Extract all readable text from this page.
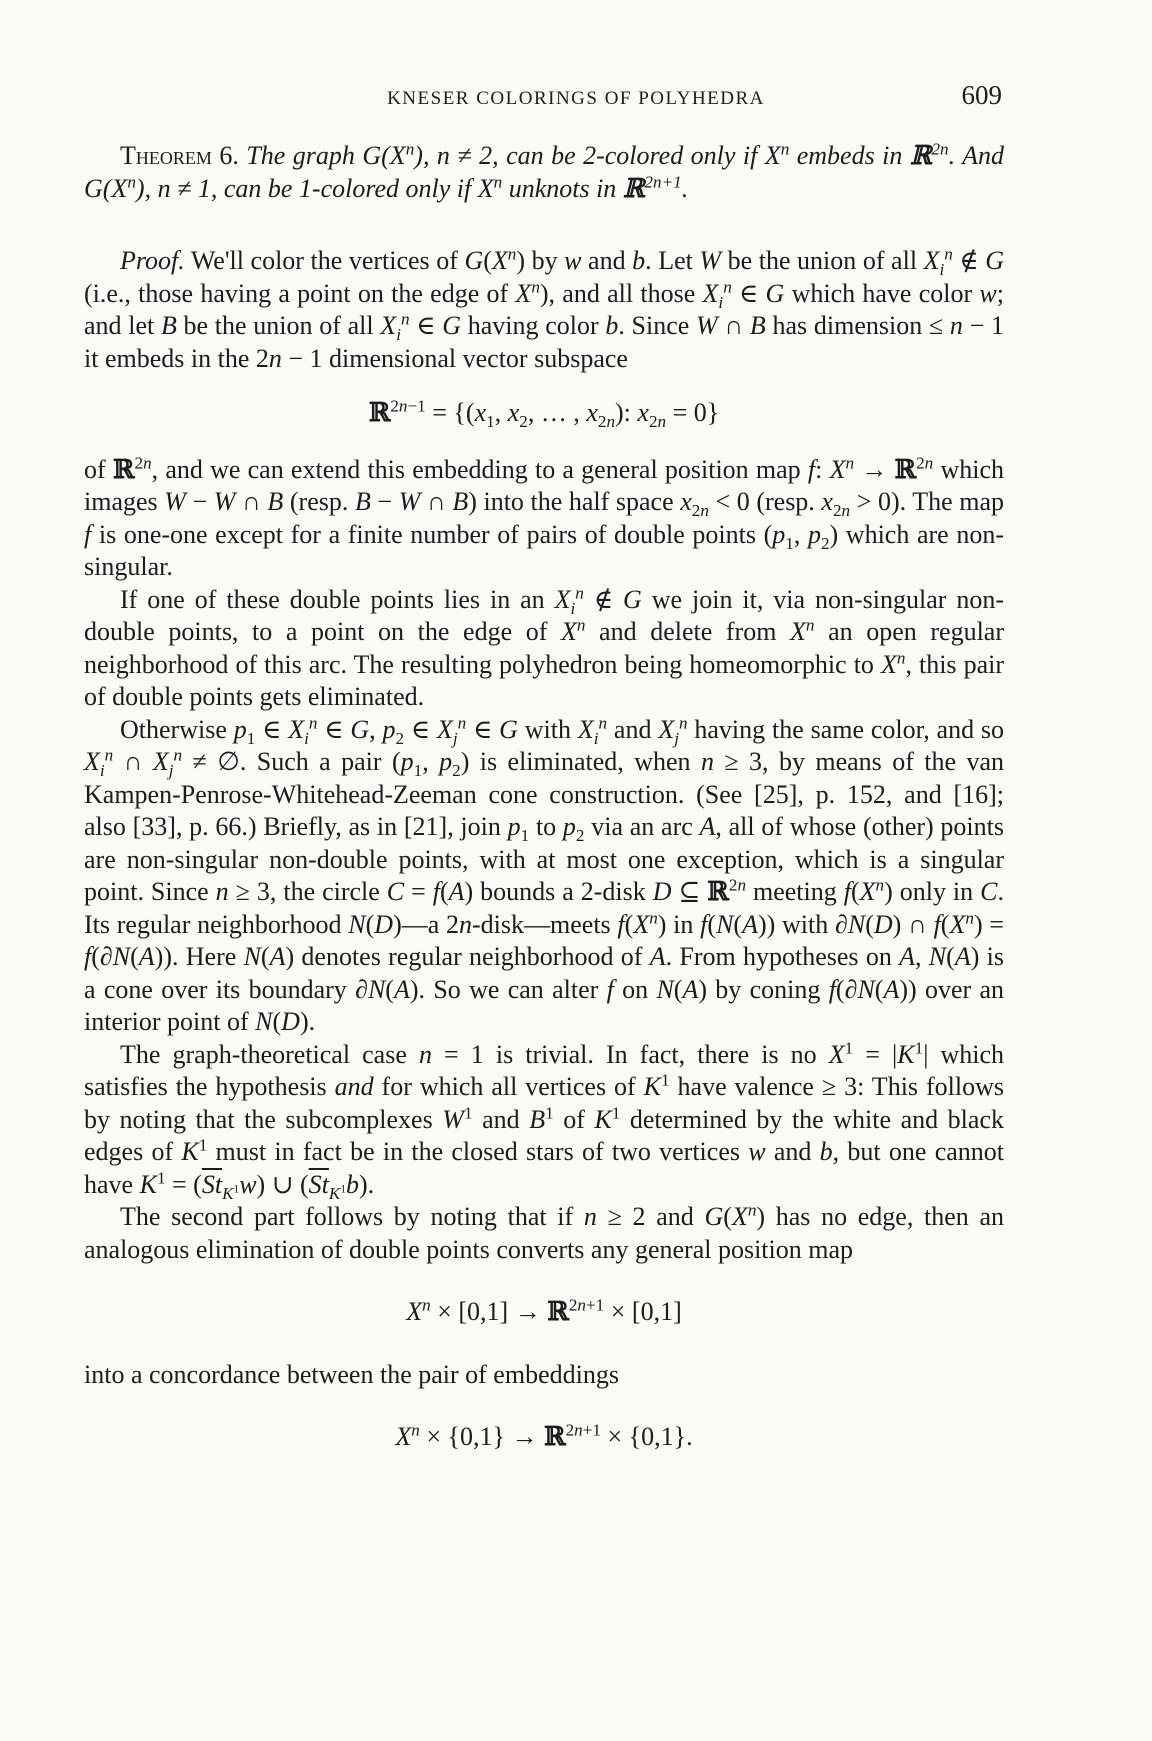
KNESER COLORINGS OF POLYHEDRA	609

Theorem 6. The graph $G(X^n)$, n ≠ 2, can be 2-colored only if $X^n$ embeds in ℝ$^{2n}$. And $G(X^n)$, n ≠ 1, can be 1-colored only if $X^n$ unknots in ℝ$^{2n+1}$.

Proof. We'll color the vertices of $G(X^n)$ by w and b. Let W be the union of all $X_i^n$ ∉ G (i.e., those having a point on the edge of $X^n$), and all those $X_i^n$ ∈ G which have color w; and let B be the union of all $X_i^n$ ∈ G having color b. Since W ∩ B has dimension ≤ n − 1 it embeds in the 2n − 1 dimensional vector subspace

ℝ$^{2n-1}$ = {($x_1$, $x_2$, … , $x_{2n}$): $x_{2n} = 0$}

of ℝ$^{2n}$, and we can extend this embedding to a general position map f: $X^n$ → ℝ$^{2n}$ which images W − W ∩ B (resp. B − W ∩ B) into the half space $x_{2n} < 0$ (resp. $x_{2n} > 0$). The map f is one-one except for a finite number of pairs of double points ($p_1$, $p_2$) which are non-singular.

If one of these double points lies in an $X_i^n$ ∉ G we join it, via non-singular non-double points, to a point on the edge of $X^n$ and delete from $X^n$ an open regular neighborhood of this arc. The resulting polyhedron being homeomorphic to $X^n$, this pair of double points gets eliminated.

Otherwise $p_1$ ∈ $X_i^n$ ∈ G, $p_2$ ∈ $X_j^n$ ∈ G with $X_i^n$ and $X_j^n$ having the same color, and so $X_i^n$ ∩ $X_j^n$ ≠ ∅. Such a pair ($p_1$, $p_2$) is eliminated, when n ≥ 3, by means of the van Kampen-Penrose-Whitehead-Zeeman cone construction. (See [25], p. 152, and [16]; also [33], p. 66.) Briefly, as in [21], join $p_1$ to $p_2$ via an arc A, all of whose (other) points are non-singular non-double points, with at most one exception, which is a singular point. Since n ≥ 3, the circle C = f(A) bounds a 2-disk D ⊆ ℝ$^{2n}$ meeting $f(X^n)$ only in C. Its regular neighborhood N(D)—a 2n-disk—meets $f(X^n)$ in f(N(A)) with ∂N(D) ∩ $f(X^n) = f(\partial N(A))$. Here N(A) denotes regular neighborhood of A. From hypotheses on A, N(A) is a cone over its boundary ∂N(A). So we can alter f on N(A) by coning f(∂N(A)) over an interior point of N(D).

The graph-theoretical case n = 1 is trivial. In fact, there is no $X^1 = |K^1|$ which satisfies the hypothesis and for which all vertices of $K^1$ have valence ≥ 3: This follows by noting that the subcomplexes $W^1$ and $B^1$ of $K^1$ determined by the white and black edges of $K^1$ must in fact be in the closed stars of two vertices w and b, but one cannot have $K^1 = (\overline{St}_{K^1}w)$ ∪ $(\overline{St}_{K^1}b)$.

The second part follows by noting that if n ≥ 2 and $G(X^n)$ has no edge, then an analogous elimination of double points converts any general position map

$X^n \times [0,1]$ → ℝ$^{2n+1}$ × [0,1]

into a concordance between the pair of embeddings

$X^n \times \{0,1\}$ → ℝ$^{2n+1}$ × {0,1}.
